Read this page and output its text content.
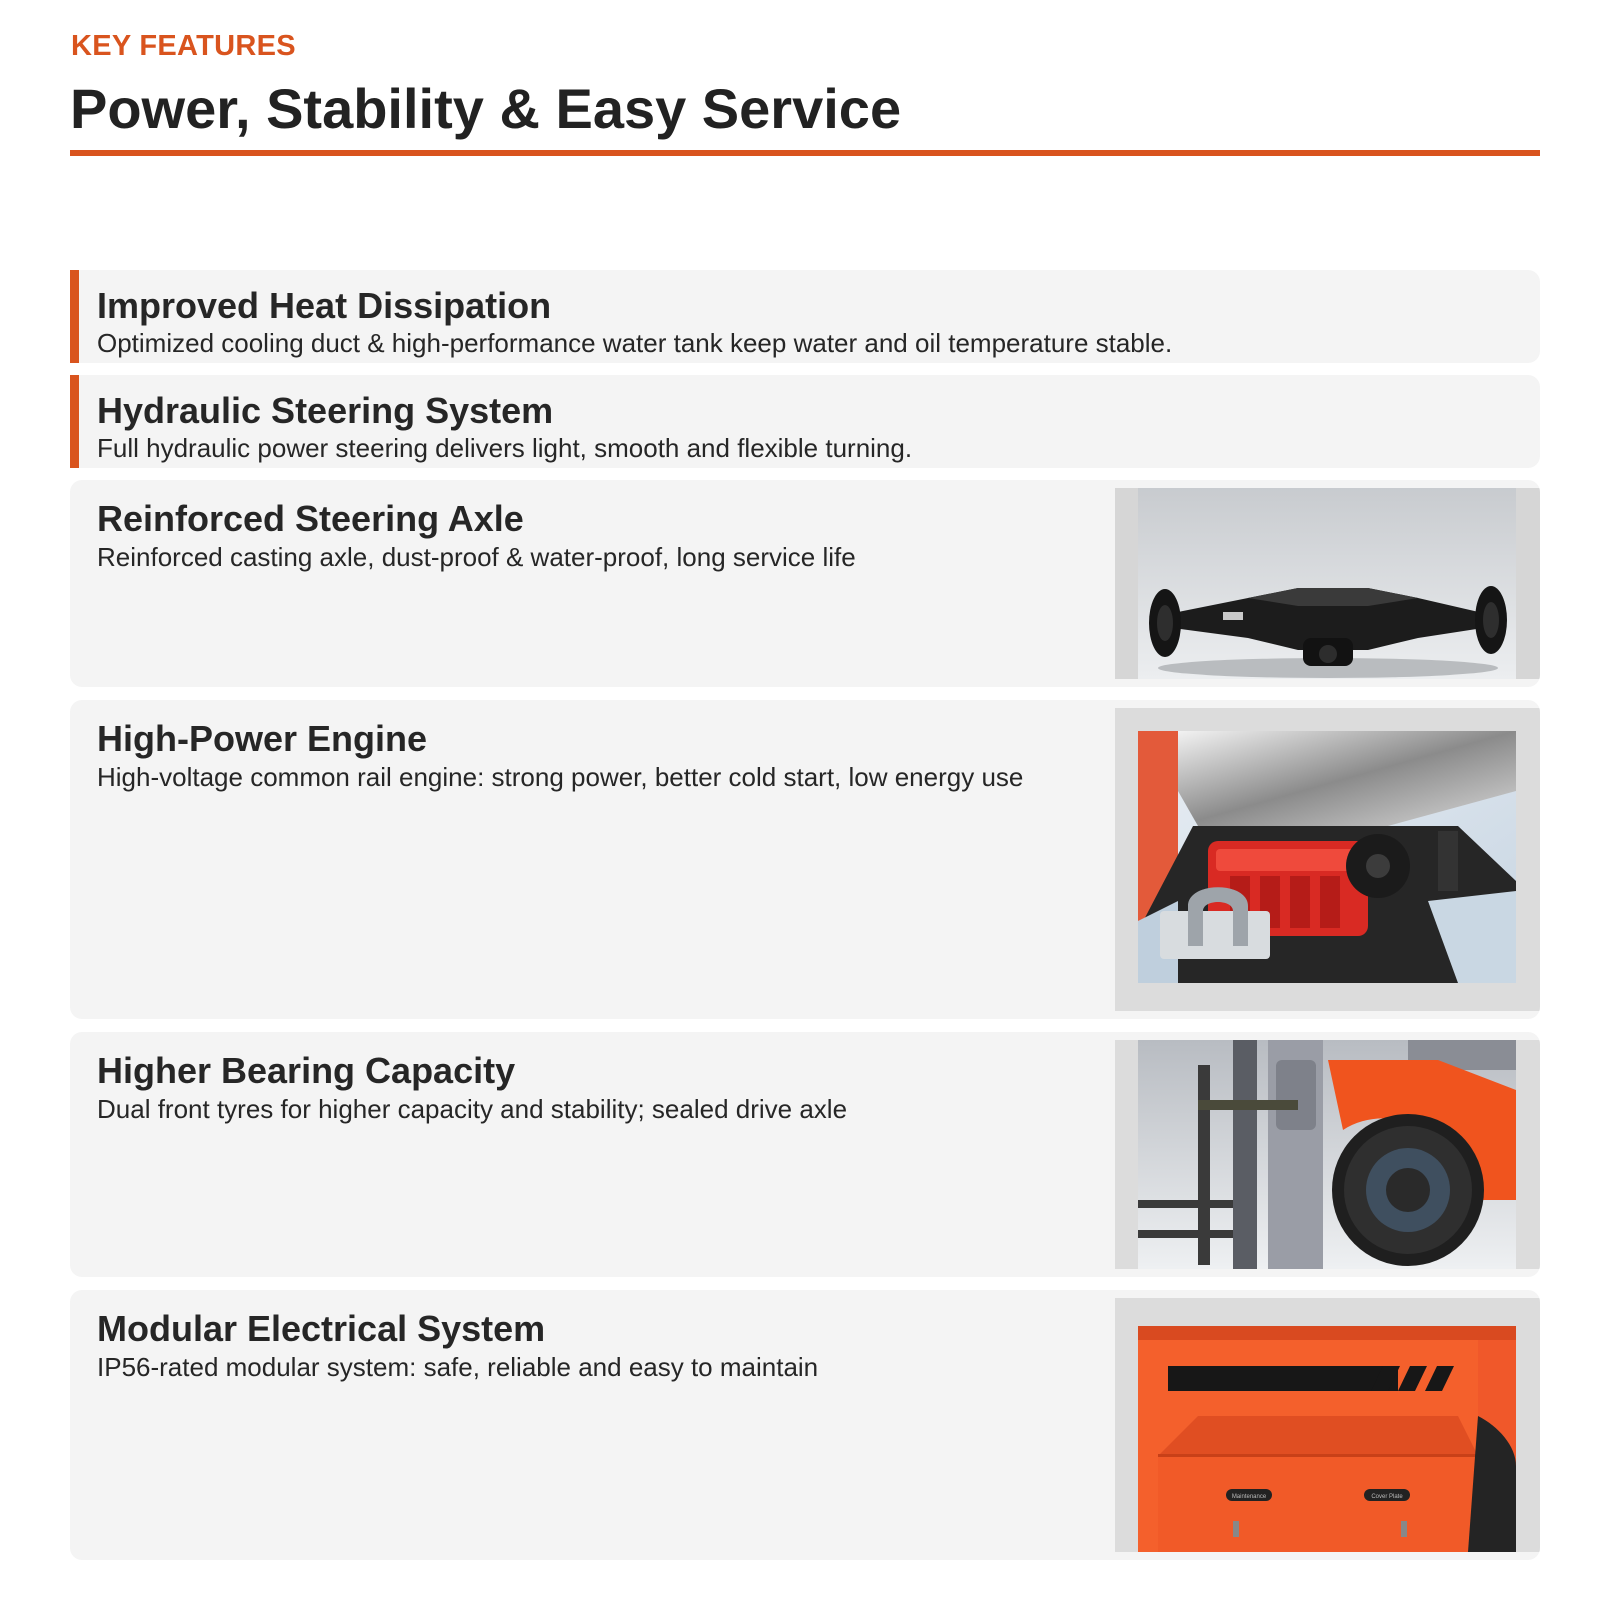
KEY FEATURES
Power, Stability & Easy Service
Improved Heat Dissipation

Optimized cooling duct & high-performance water tank keep water and oil temperature stable.

Hydraulic Steering System

Full hydraulic power steering delivers light, smooth and flexible turning.

Reinforced Steering Axle

Reinforced casting axle, dust-proof & water-proof, long service life

High-Power Engine

High-voltage common rail engine: strong power, better cold start, low energy use

Higher Bearing Capacity

Dual front tyres for higher capacity and stability; sealed drive axle

Modular Electrical System

IP56-rated modular system: safe, reliable and easy to maintain

Maintenance	Cover Plate
